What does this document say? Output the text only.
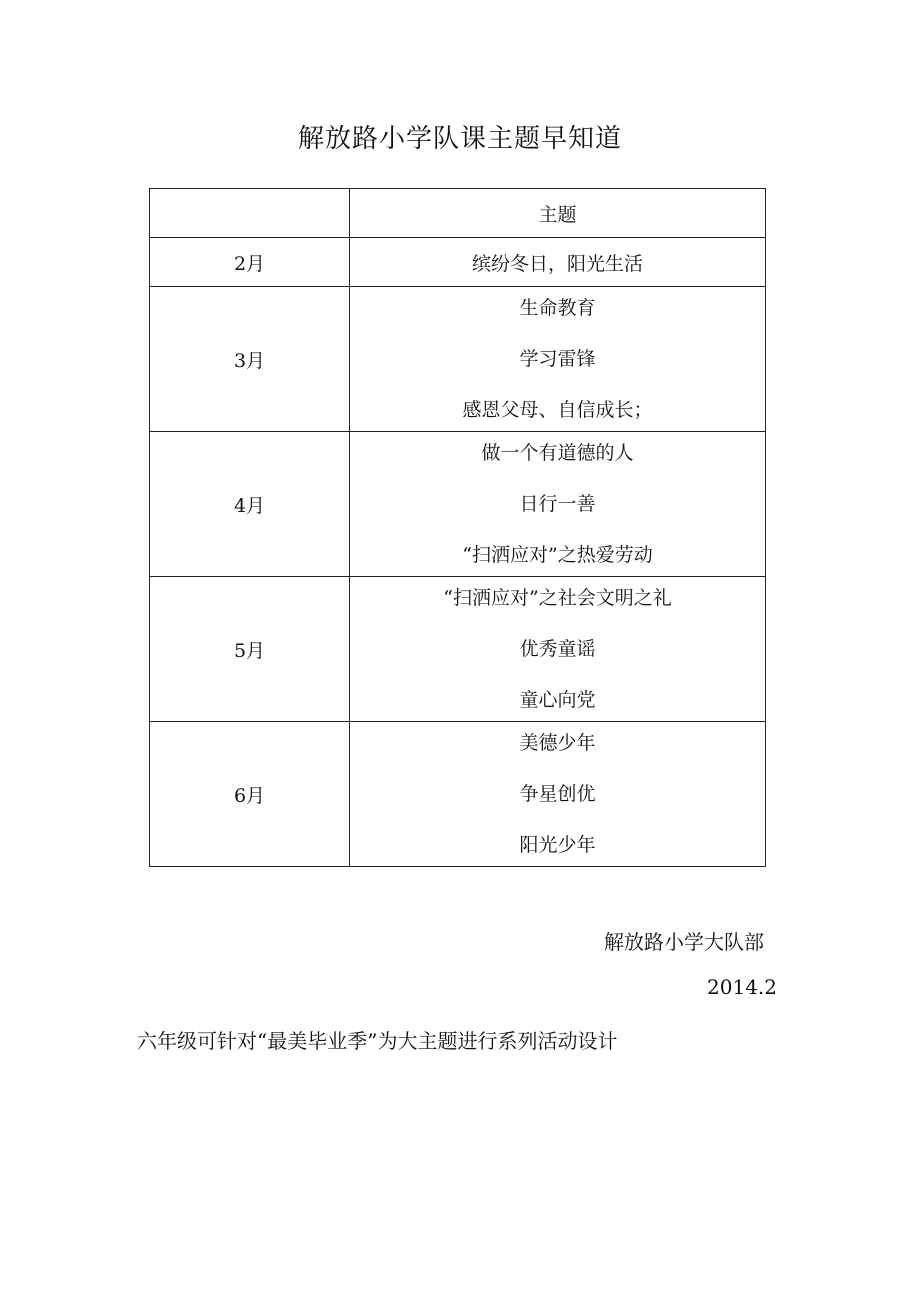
解放路小学队课主题早知道
	主题
2月	缤纷冬日，阳光生活
3月	生命教育
学习雷锋
感恩父母、自信成长；

4月	做一个有道德的人
日行一善
“扫洒应对”之热爱劳动

5月	“扫洒应对”之社会文明之礼
优秀童谣
童心向党

6月	美德少年
争星创优
阳光少年
解放路小学大队部
2014.2
六年级可针对“最美毕业季”为大主题进行系列活动设计
